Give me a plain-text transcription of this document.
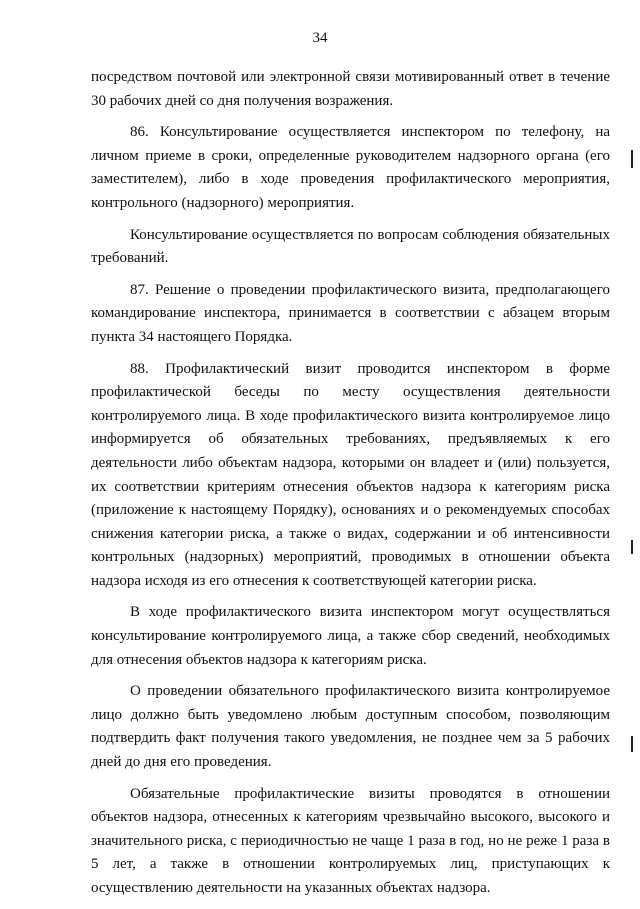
34

посредством почтовой или электронной связи мотивированный ответ в течение 30 рабочих дней со дня получения возражения.

86. Консультирование осуществляется инспектором по телефону, на личном приеме в сроки, определенные руководителем надзорного органа (его заместителем), либо в ходе проведения профилактического мероприятия, контрольного (надзорного) мероприятия.

Консультирование осуществляется по вопросам соблюдения обязательных требований.

87. Решение о проведении профилактического визита, предполагающего командирование инспектора, принимается в соответствии с абзацем вторым пункта 34 настоящего Порядка.

88. Профилактический визит проводится инспектором в форме профилактической беседы по месту осуществления деятельности контролируемого лица. В ходе профилактического визита контролируемое лицо информируется об обязательных требованиях, предъявляемых к его деятельности либо объектам надзора, которыми он владеет и (или) пользуется, их соответствии критериям отнесения объектов надзора к категориям риска (приложение к настоящему Порядку), основаниях и о рекомендуемых способах снижения категории риска, а также о видах, содержании и об интенсивности контрольных (надзорных) мероприятий, проводимых в отношении объекта надзора исходя из его отнесения к соответствующей категории риска.

В ходе профилактического визита инспектором могут осуществляться консультирование контролируемого лица, а также сбор сведений, необходимых для отнесения объектов надзора к категориям риска.

О проведении обязательного профилактического визита контролируемое лицо должно быть уведомлено любым доступным способом, позволяющим подтвердить факт получения такого уведомления, не позднее чем за 5 рабочих дней до дня его проведения.

Обязательные профилактические визиты проводятся в отношении объектов надзора, отнесенных к категориям чрезвычайно высокого, высокого и значительного риска, с периодичностью не чаще 1 раза в год, но не реже 1 раза в 5 лет, а также в отношении контролируемых лиц, приступающих к осуществлению деятельности на указанных объектах надзора.
